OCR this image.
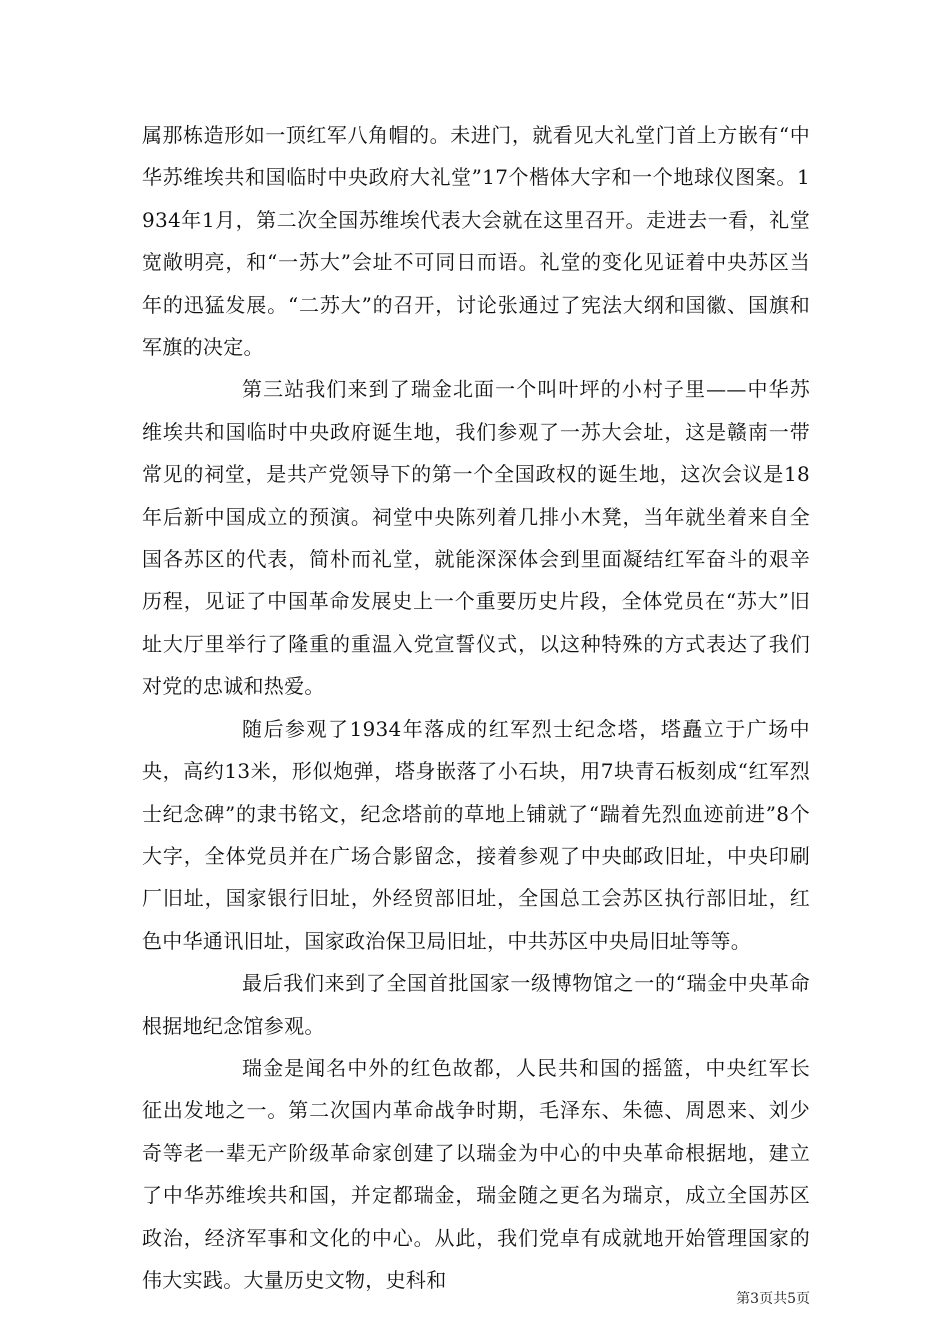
属那栋造形如一顶红军八角帽的。未进门，就看见大礼堂门首上方嵌有“中华苏维埃共和国临时中央政府大礼堂”17个楷体大字和一个地球仪图案。1934年1月，第二次全国苏维埃代表大会就在这里召开。走进去一看，礼堂宽敞明亮，和“一苏大”会址不可同日而语。礼堂的变化见证着中央苏区当年的迅猛发展。“二苏大”的召开，讨论张通过了宪法大纲和国徽、国旗和军旗的决定。

第三站我们来到了瑞金北面一个叫叶坪的小村子里——中华苏维埃共和国临时中央政府诞生地，我们参观了一苏大会址，这是赣南一带常见的祠堂，是共产党领导下的第一个全国政权的诞生地，这次会议是18年后新中国成立的预演。祠堂中央陈列着几排小木凳，当年就坐着来自全国各苏区的代表，简朴而礼堂，就能深深体会到里面凝结红军奋斗的艰辛历程，见证了中国革命发展史上一个重要历史片段，全体党员在“苏大”旧址大厅里举行了隆重的重温入党宣誓仪式，以这种特殊的方式表达了我们对党的忠诚和热爱。

随后参观了1934年落成的红军烈士纪念塔，塔矗立于广场中央，高约13米，形似炮弹，塔身嵌落了小石块，用7块青石板刻成“红军烈士纪念碑”的隶书铭文，纪念塔前的草地上铺就了“踹着先烈血迹前进”8个大字，全体党员并在广场合影留念，接着参观了中央邮政旧址，中央印刷厂旧址，国家银行旧址，外经贸部旧址，全国总工会苏区执行部旧址，红色中华通讯旧址，国家政治保卫局旧址，中共苏区中央局旧址等等。

最后我们来到了全国首批国家一级博物馆之一的“瑞金中央革命根据地纪念馆参观。

瑞金是闻名中外的红色故都，人民共和国的摇篮，中央红军长征出发地之一。第二次国内革命战争时期，毛泽东、朱德、周恩来、刘少奇等老一辈无产阶级革命家创建了以瑞金为中心的中央革命根据地，建立了中华苏维埃共和国，并定都瑞金，瑞金随之更名为瑞京，成立全国苏区政治，经济军事和文化的中心。从此，我们党卓有成就地开始管理国家的伟大实践。大量历史文物，史科和

第3页共5页
